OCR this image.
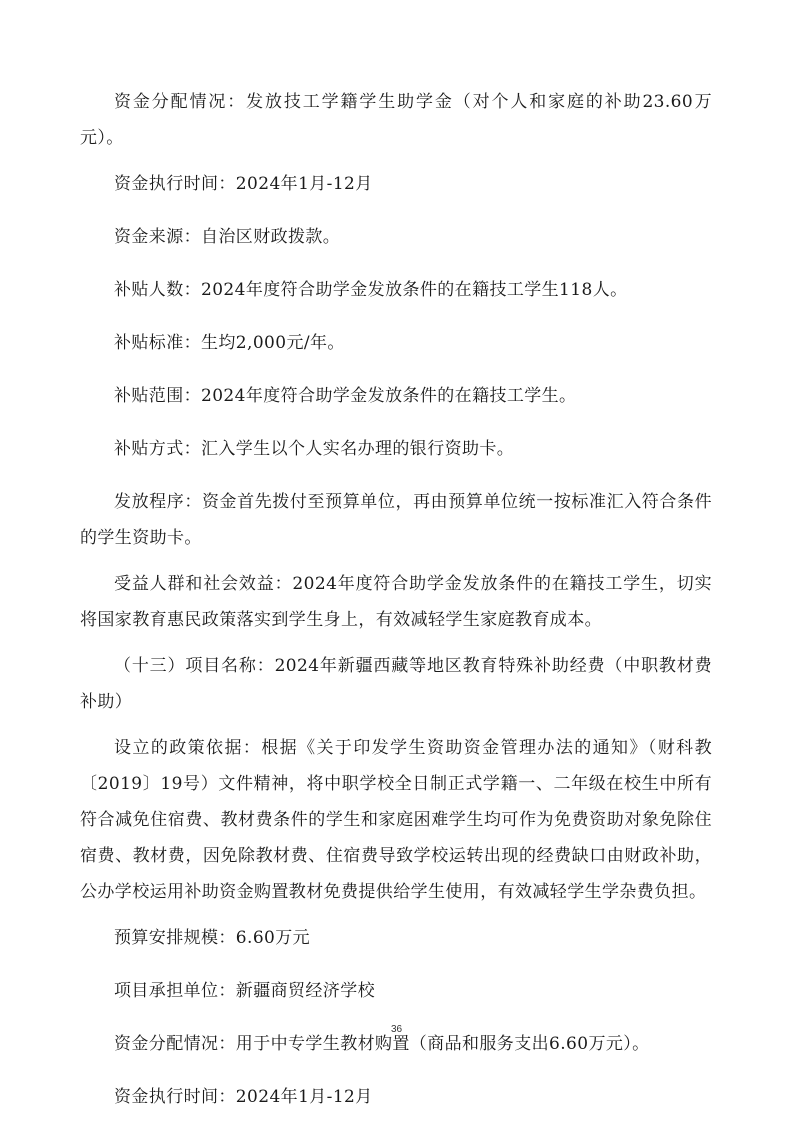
资金分配情况：发放技工学籍学生助学金（对个人和家庭的补助23.60万元）。

资金执行时间：2024年1月-12月

资金来源：自治区财政拨款。

补贴人数：2024年度符合助学金发放条件的在籍技工学生118人。

补贴标准：生均2,000元/年。

补贴范围：2024年度符合助学金发放条件的在籍技工学生。

补贴方式：汇入学生以个人实名办理的银行资助卡。

发放程序：资金首先拨付至预算单位，再由预算单位统一按标准汇入符合条件的学生资助卡。

受益人群和社会效益：2024年度符合助学金发放条件的在籍技工学生，切实将国家教育惠民政策落实到学生身上，有效减轻学生家庭教育成本。

（十三）项目名称：2024年新疆西藏等地区教育特殊补助经费（中职教材费补助）

设立的政策依据：根据《关于印发学生资助资金管理办法的通知》（财科教〔2019〕19号）文件精神，将中职学校全日制正式学籍一、二年级在校生中所有符合减免住宿费、教材费条件的学生和家庭困难学生均可作为免费资助对象免除住宿费、教材费，因免除教材费、住宿费导致学校运转出现的经费缺口由财政补助，公办学校运用补助资金购置教材免费提供给学生使用，有效减轻学生学杂费负担。

预算安排规模：6.60万元

项目承担单位：新疆商贸经济学校

资金分配情况：用于中专学生教材购置（商品和服务支出6.60万元）。

资金执行时间：2024年1月-12月

36
